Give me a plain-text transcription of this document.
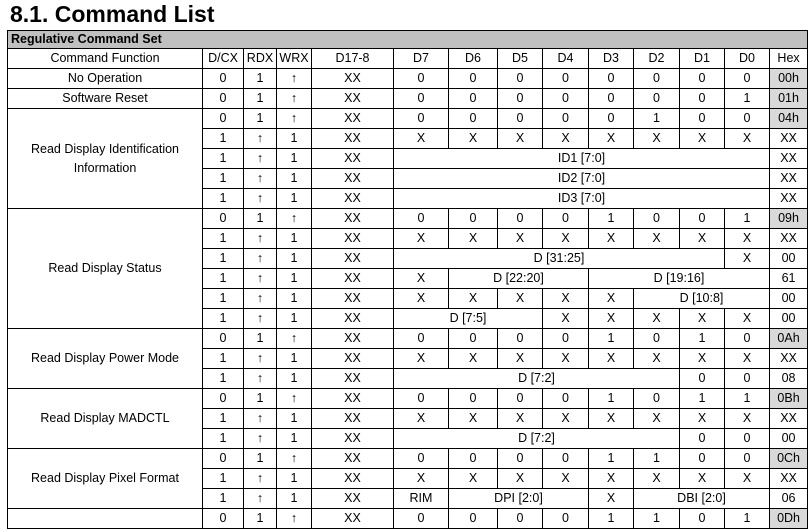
8.1. Command List
Regulative Command Set													
Command Function	D/CX	RDX	WRX	D17-8	D7	D6	D5	D4	D3	D2	D1	D0	Hex
No Operation	0	1	↑	XX	0	0	0	0	0	0	0	0	00h
Software Reset	0	1	↑	XX	0	0	0	0	0	0	0	1	01h
Read Display Identification Information	0	1	↑	XX	0	0	0	0	0	1	0	0	04h
	1	↑	1	XX	X	X	X	X	X	X	X	X	XX
	1	↑	1	XX	ID1 [7:0]								XX
	1	↑	1	XX	ID2 [7:0]								XX
	1	↑	1	XX	ID3 [7:0]								XX
Read Display Status	0	1	↑	XX	0	0	0	0	1	0	0	1	09h
	1	↑	1	XX	X	X	X	X	X	X	X	X	XX
	1	↑	1	XX	D [31:25]							X	00
	1	↑	1	XX	X	D [22:20]			D [19:16]				61
	1	↑	1	XX	X	X	X	X	X	D [10:8]			00
	1	↑	1	XX	D [7:5]			X	X	X	X	X	00
Read Display Power Mode	0	1	↑	XX	0	0	0	0	1	0	1	0	0Ah
	1	↑	1	XX	X	X	X	X	X	X	X	X	XX
	1	↑	1	XX	D [7:2]						0	0	08
Read Display MADCTL	0	1	↑	XX	0	0	0	0	1	0	1	1	0Bh
	1	↑	1	XX	X	X	X	X	X	X	X	X	XX
	1	↑	1	XX	D [7:2]						0	0	00
Read Display Pixel Format	0	1	↑	XX	0	0	0	0	1	1	0	0	0Ch
	1	↑	1	XX	X	X	X	X	X	X	X	X	XX
	1	↑	1	XX	RIM	DPI [2:0]			X	DBI [2:0]			06
	0	1	↑	XX	0	0	0	0	1	1	0	1	0Dh
